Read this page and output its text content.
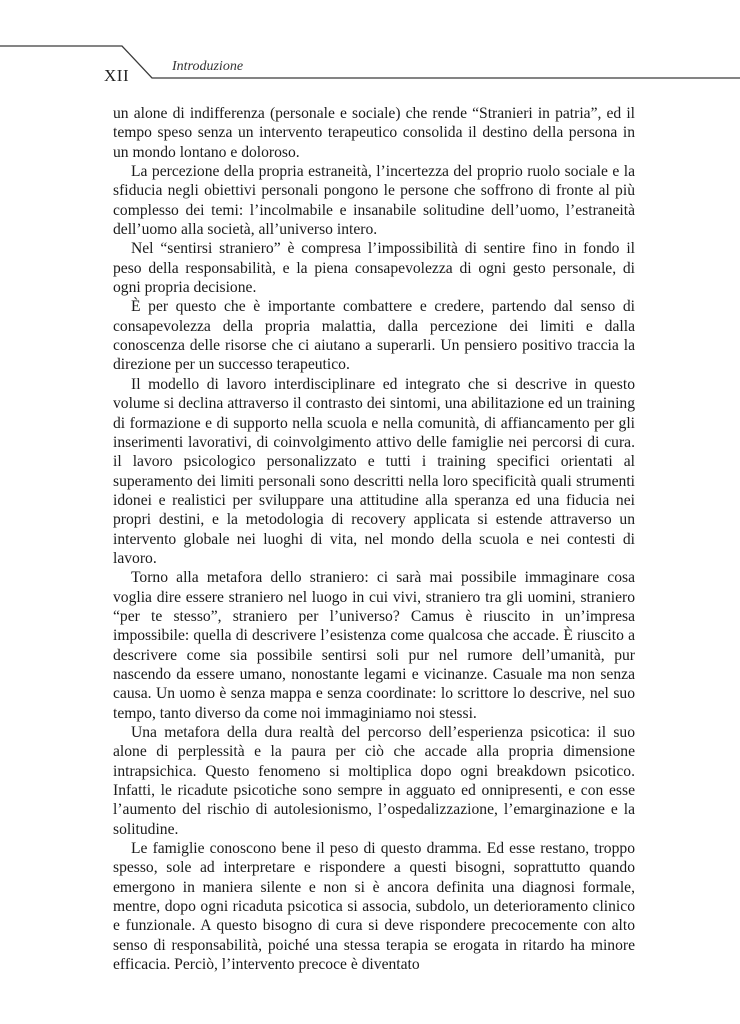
XII	Introduzione

un alone di indifferenza (personale e sociale) che rende “Stranieri in patria”, ed il tempo speso senza un intervento terapeutico consolida il destino della persona in un mondo lontano e doloroso.

La percezione della propria estraneità, l’incertezza del proprio ruolo sociale e la sfiducia negli obiettivi personali pongono le persone che soffrono di fronte al più complesso dei temi: l’incolmabile e insanabile solitudine dell’uomo, l’estraneità dell’uomo alla società, all’universo intero.

Nel “sentirsi straniero” è compresa l’impossibilità di sentire fino in fondo il peso della responsabilità, e la piena consapevolezza di ogni gesto personale, di ogni propria decisione.

È per questo che è importante combattere e credere, partendo dal senso di consapevolezza della propria malattia, dalla percezione dei limiti e dalla conoscenza delle risorse che ci aiutano a superarli. Un pensiero positivo traccia la direzione per un successo terapeutico.

Il modello di lavoro interdisciplinare ed integrato che si descrive in questo volume si declina attraverso il contrasto dei sintomi, una abilitazione ed un training di formazione e di supporto nella scuola e nella comunità, di affiancamento per gli inserimenti lavorativi, di coinvolgimento attivo delle famiglie nei percorsi di cura. il lavoro psicologico personalizzato e tutti i training specifici orientati al superamento dei limiti personali sono descritti nella loro specificità quali strumenti idonei e realistici per sviluppare una attitudine alla speranza ed una fiducia nei propri destini, e la metodologia di recovery applicata si estende attraverso un intervento globale nei luoghi di vita, nel mondo della scuola e nei contesti di lavoro.

Torno alla metafora dello straniero: ci sarà mai possibile immaginare cosa voglia dire essere straniero nel luogo in cui vivi, straniero tra gli uomini, straniero “per te stesso”, straniero per l’universo? Camus è riuscito in un’impresa impossibile: quella di descrivere l’esistenza come qualcosa che accade. È riuscito a descrivere come sia possibile sentirsi soli pur nel rumore dell’umanità, pur nascendo da essere umano, nonostante legami e vicinanze. Casuale ma non senza causa. Un uomo è senza mappa e senza coordinate: lo scrittore lo descrive, nel suo tempo, tanto diverso da come noi immaginiamo noi stessi.

Una metafora della dura realtà del percorso dell’esperienza psicotica: il suo alone di perplessità e la paura per ciò che accade alla propria dimensione intrapsichica. Questo fenomeno si moltiplica dopo ogni breakdown psicotico. Infatti, le ricadute psicotiche sono sempre in agguato ed onnipresenti, e con esse l’aumento del rischio di autolesionismo, l’ospedalizzazione, l’emarginazione e la solitudine.

Le famiglie conoscono bene il peso di questo dramma. Ed esse restano, troppo spesso, sole ad interpretare e rispondere a questi bisogni, soprattutto quando emergono in maniera silente e non si è ancora definita una diagnosi formale, mentre, dopo ogni ricaduta psicotica si associa, subdolo, un deterioramento clinico e funzionale. A questo bisogno di cura si deve rispondere precocemente con alto senso di responsabilità, poiché una stessa terapia se erogata in ritardo ha minore efficacia. Perciò, l’intervento precoce è diventato
